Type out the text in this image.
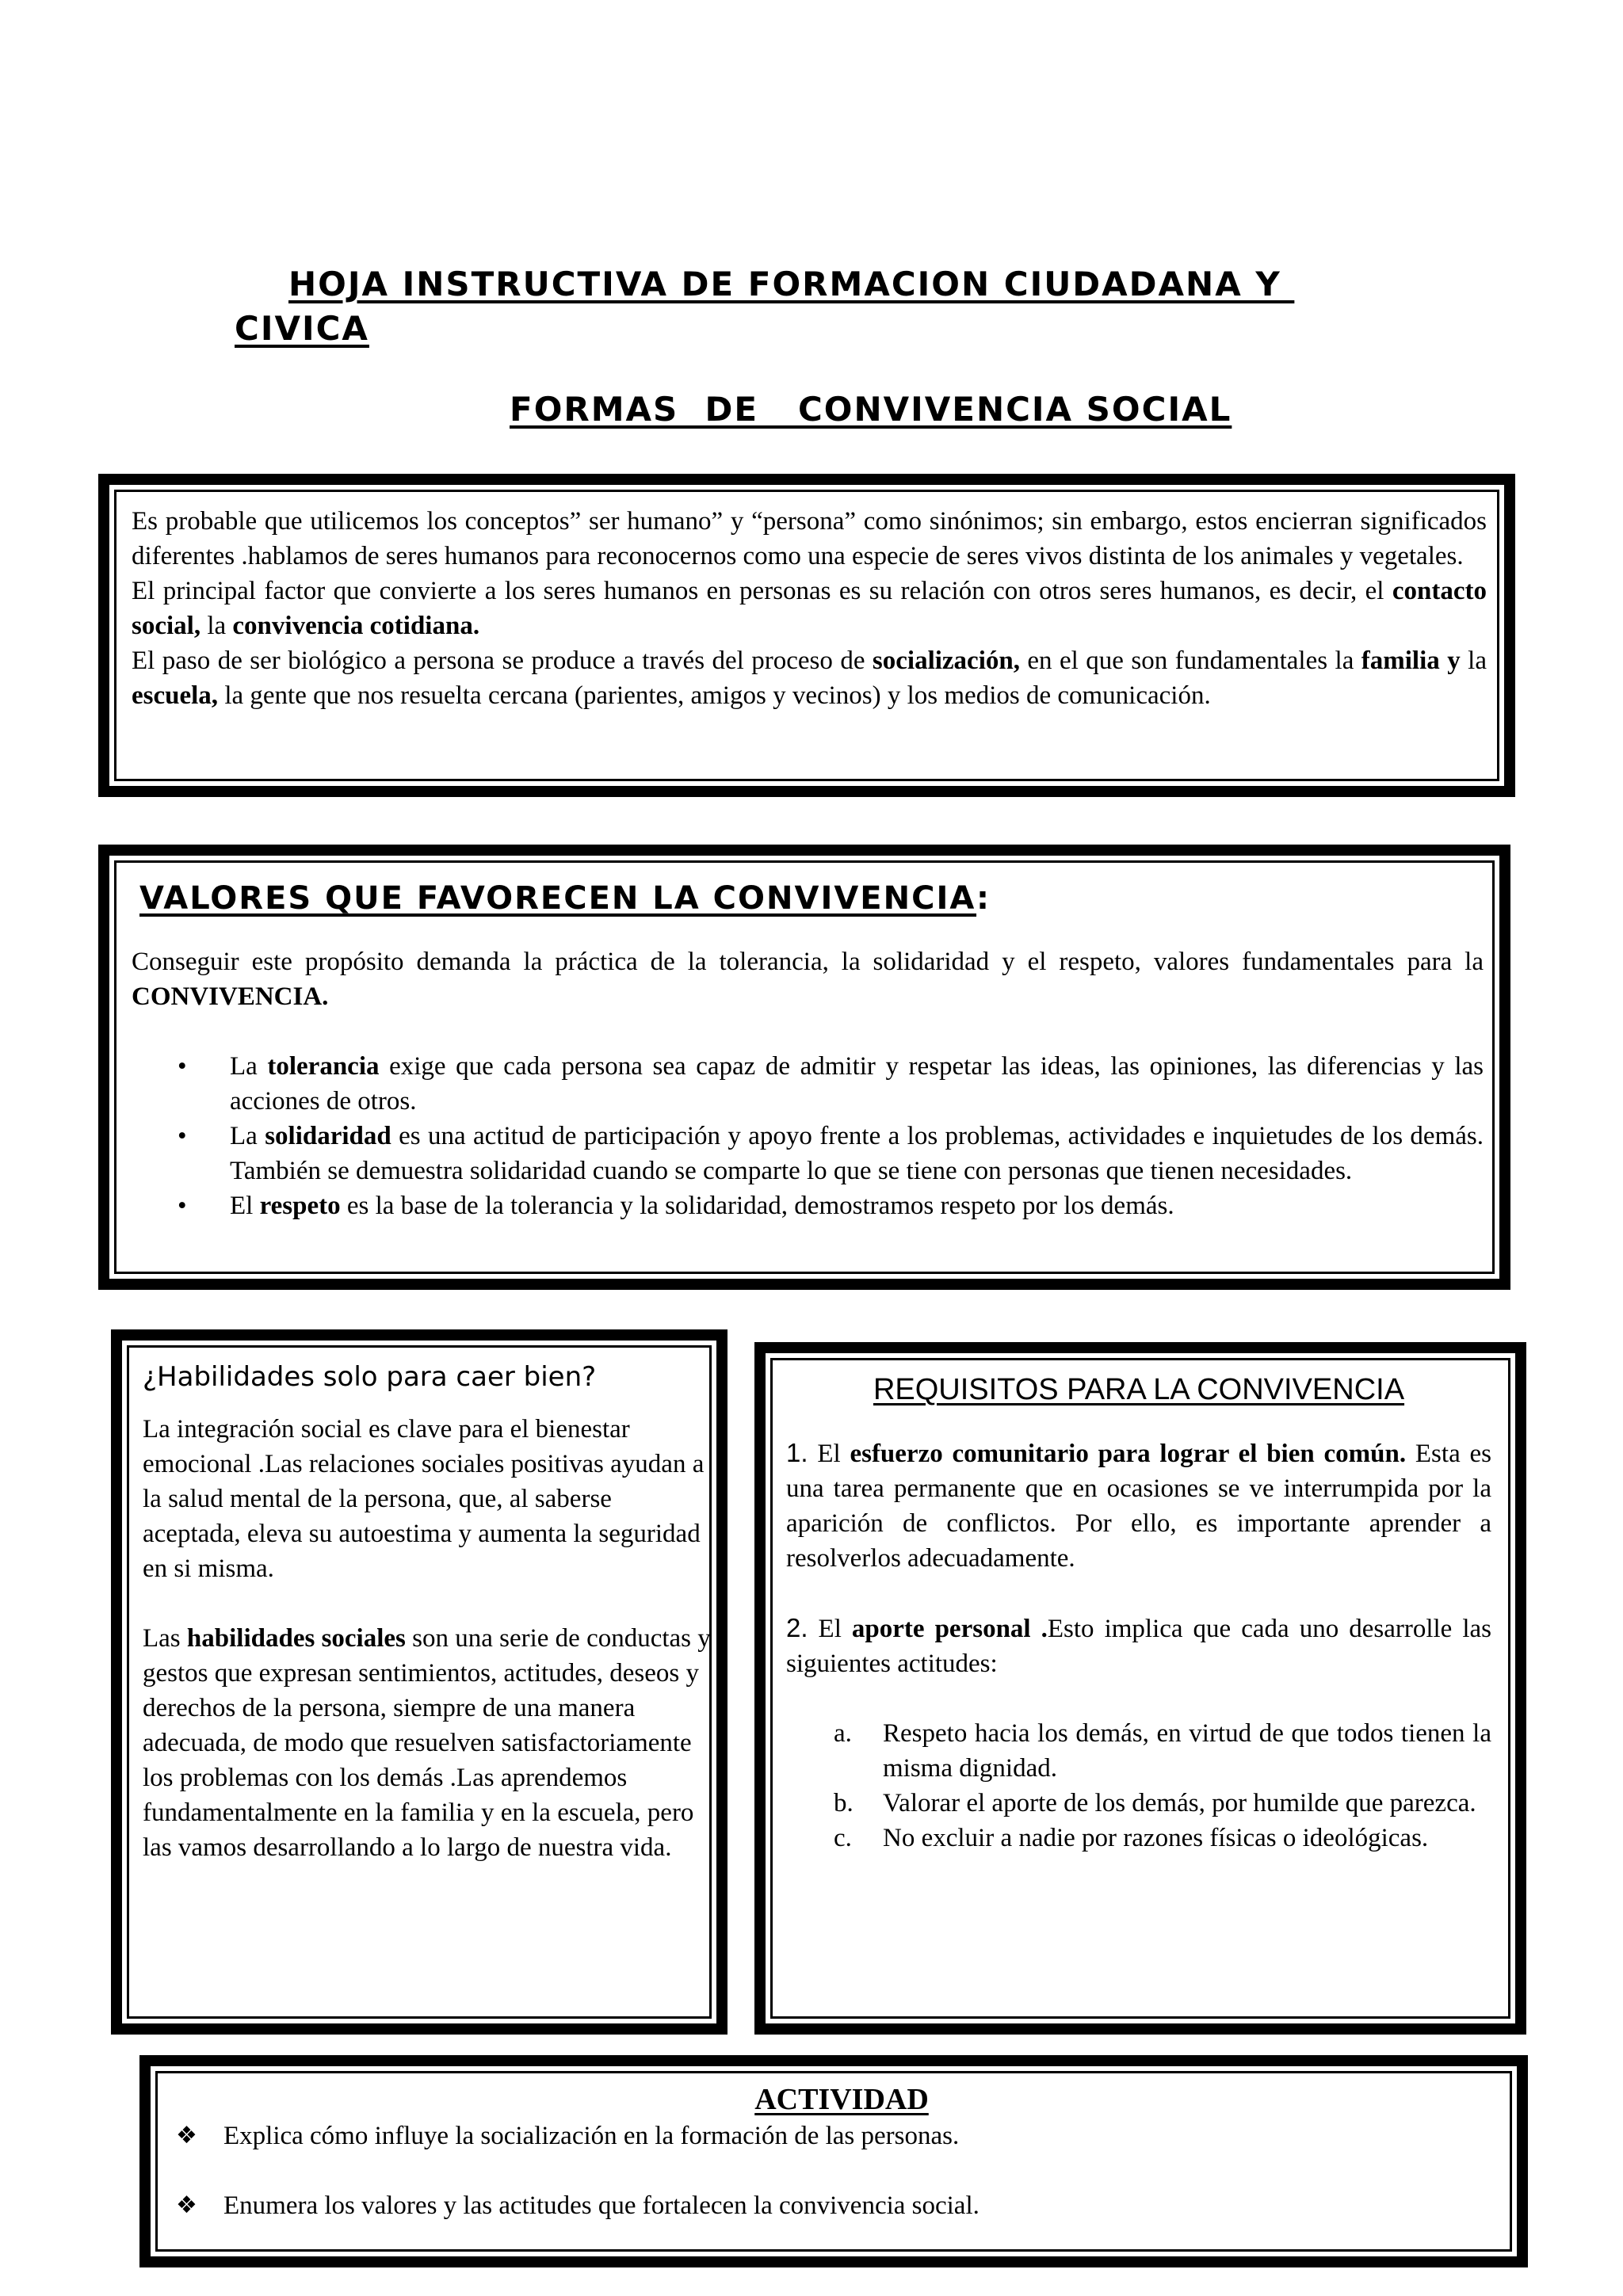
HOJA INSTRUCTIVA DE FORMACION CIUDADANA Y
CIVICA
FORMAS  DE   CONVIVENCIA SOCIAL

Es probable que utilicemos los conceptos” ser humano” y “persona” como sinónimos; sin embargo, estos encierran significados diferentes .hablamos de seres humanos para reconocernos como una especie de seres vivos distinta de los animales y vegetales.

El principal factor que convierte a los seres humanos en personas es su relación con otros seres humanos, es decir, el contacto social, la convivencia cotidiana.

El paso de ser biológico a persona se produce a través del proceso de socialización, en el que son fundamentales la familia y la escuela, la gente que nos resuelta cercana (parientes, amigos y vecinos) y los medios de comunicación.

VALORES QUE FAVORECEN LA CONVIVENCIA:

Conseguir este propósito demanda la práctica de la tolerancia, la solidaridad y el respeto, valores fundamentales para la CONVIVENCIA.

• La tolerancia exige que cada persona sea capaz de admitir y respetar las ideas, las opiniones, las diferencias y las acciones de otros.
• La solidaridad es una actitud de participación y apoyo frente a los problemas, actividades e inquietudes de los demás. También se demuestra solidaridad cuando se comparte lo que se tiene con personas que tienen necesidades.
• El respeto es la base de la tolerancia y la solidaridad, demostramos respeto por los demás.

¿Habilidades solo para caer bien?

La integración social es clave para el bienestar emocional .Las relaciones sociales positivas ayudan a la salud mental de la persona, que, al saberse aceptada, eleva su autoestima y aumenta la seguridad en si misma.

Las habilidades sociales son una serie de conductas y gestos que expresan sentimientos, actitudes, deseos y derechos de la persona, siempre de una manera adecuada, de modo que resuelven satisfactoriamente los problemas con los demás .Las aprendemos fundamentalmente en la familia y en la escuela, pero las vamos desarrollando a lo largo de nuestra vida.

REQUISITOS PARA LA CONVIVENCIA

1. El esfuerzo comunitario para lograr el bien común. Esta es una tarea permanente que en ocasiones se ve interrumpida por la aparición de conflictos. Por ello, es importante aprender a resolverlos adecuadamente.

2. El aporte personal .Esto implica que cada uno desarrolle las siguientes actitudes:

a. Respeto hacia los demás, en virtud de que todos tienen la misma dignidad.
b. Valorar el aporte de los demás, por humilde que parezca.
c. No excluir a nadie por razones físicas o ideológicas.

ACTIVIDAD

❖ Explica cómo influye la socialización en la formación de las personas.
❖ Enumera los valores y las actitudes que fortalecen la convivencia social.
